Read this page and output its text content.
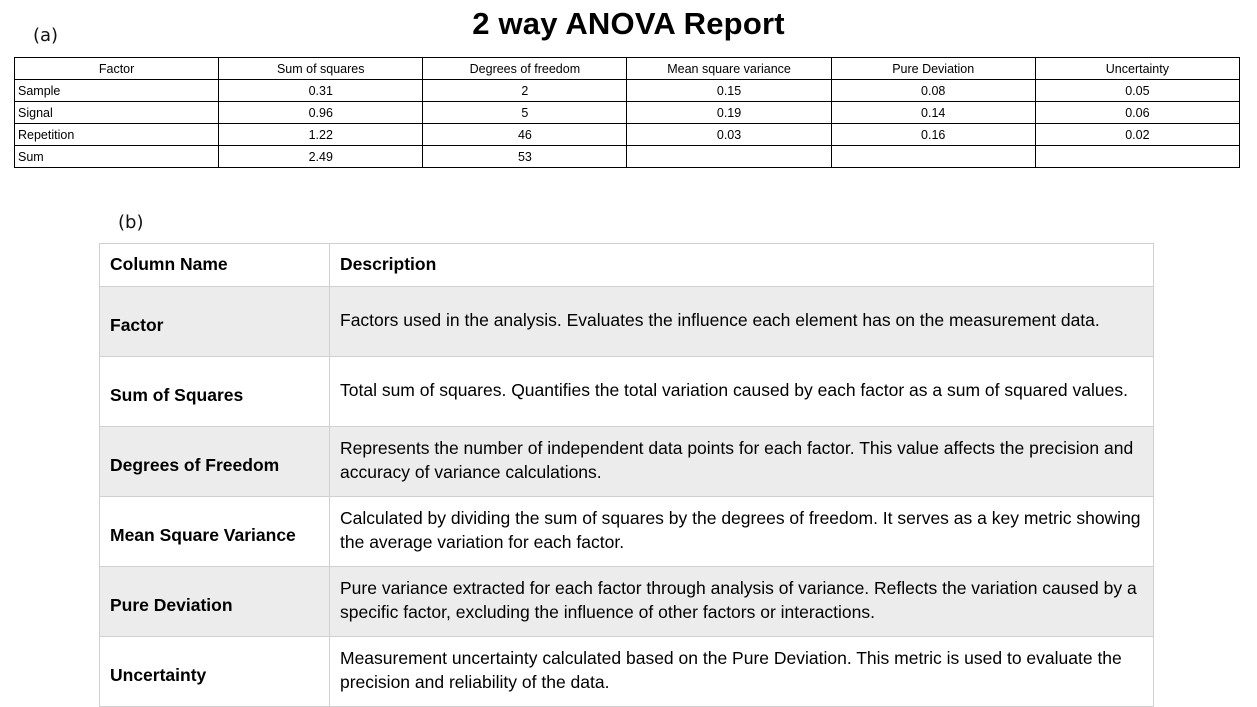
(a)	2 way ANOVA Report
Factor	Sum of squares	Degrees of freedom	Mean square variance	Pure Deviation	Uncertainty
Sample	0.31	2	0.15	0.08	0.05
Signal	0.96	5	0.19	0.14	0.06
Repetition	1.22	46	0.03	0.16	0.02
Sum	2.49	53			
(b)
Column Name	Description
Factor	Factors used in the analysis. Evaluates the influence each element has on the measurement data.
Sum of Squares	Total sum of squares. Quantifies the total variation caused by each factor as a sum of squared values.
Degrees of Freedom	Represents the number of independent data points for each factor. This value affects the precision and accuracy of variance calculations.
Mean Square Variance	Calculated by dividing the sum of squares by the degrees of freedom. It serves as a key metric showing the average variation for each factor.
Pure Deviation	Pure variance extracted for each factor through analysis of variance. Reflects the variation caused by a specific factor, excluding the influence of other factors or interactions.
Uncertainty	Measurement uncertainty calculated based on the Pure Deviation. This metric is used to evaluate the precision and reliability of the data.
